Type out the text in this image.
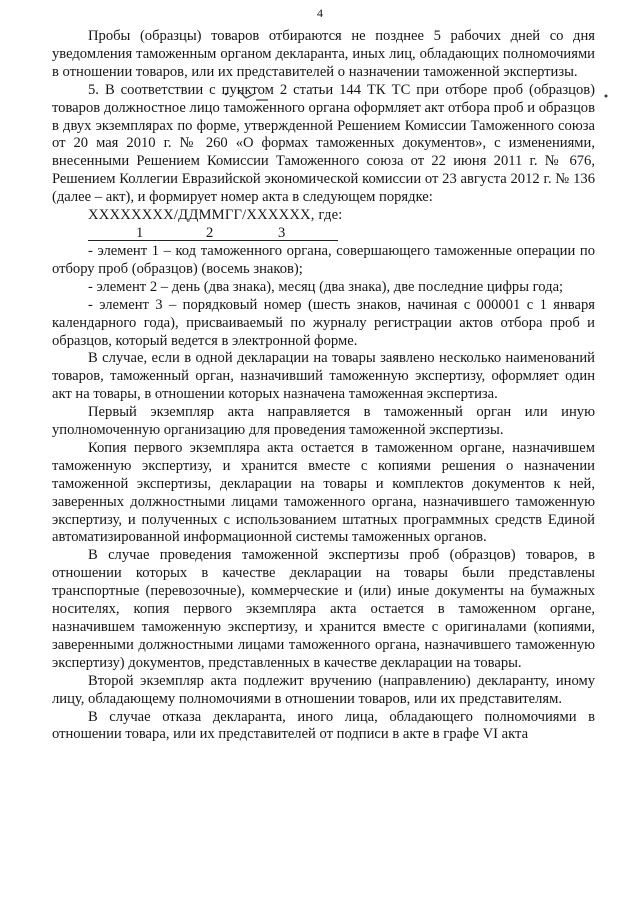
4

Пробы (образцы) товаров отбираются не позднее 5 рабочих дней со дня уведомления таможенным органом декларанта, иных лиц, обладающих полномочиями в отношении товаров, или их представителей о назначении таможенной экспертизы.

5. В соответствии с пунктом 2 статьи 144 ТК ТС при отборе проб (образцов) товаров должностное лицо таможенного органа оформляет акт отбора проб и образцов в двух экземплярах по форме, утвержденной Решением Комиссии Таможенного союза от 20 мая 2010 г. № 260 «О формах таможенных документов», с изменениями, внесенными Решением Комиссии Таможенного союза от 22 июня 2011 г. № 676, Решением Коллегии Евразийской экономической комиссии от 23 августа 2012 г. № 136 (далее – акт), и формирует номер акта в следующем порядке:

ХХХХХХХХ/ДДММГГ/ХХХХХХ, где:

1	2	3

- элемент 1 – код таможенного органа, совершающего таможенные операции по отбору проб (образцов) (восемь знаков);

- элемент 2 – день (два знака), месяц (два знака), две последние цифры года;

- элемент 3 – порядковый номер (шесть знаков, начиная с 000001 с 1 января календарного года), присваиваемый по журналу регистрации актов отбора проб и образцов, который ведется в электронной форме.

В случае, если в одной декларации на товары заявлено несколько наименований товаров, таможенный орган, назначивший таможенную экспертизу, оформляет один акт на товары, в отношении которых назначена таможенная экспертиза.

Первый экземпляр акта направляется в таможенный орган или иную уполномоченную организацию для проведения таможенной экспертизы.

Копия первого экземпляра акта остается в таможенном органе, назначившем таможенную экспертизу, и хранится вместе с копиями решения о назначении таможенной экспертизы, декларации на товары и комплектов документов к ней, заверенных должностными лицами таможенного органа, назначившего таможенную экспертизу, и полученных с использованием штатных программных средств Единой автоматизированной информационной системы таможенных органов.

В случае проведения таможенной экспертизы проб (образцов) товаров, в отношении которых в качестве декларации на товары были представлены транспортные (перевозочные), коммерческие и (или) иные документы на бумажных носителях, копия первого экземпляра акта остается в таможенном органе, назначившем таможенную экспертизу, и хранится вместе с оригиналами (копиями, заверенными должностными лицами таможенного органа, назначившего таможенную экспертизу) документов, представленных в качестве декларации на товары.

Второй экземпляр акта подлежит вручению (направлению) декларанту, иному лицу, обладающему полномочиями в отношении товаров, или их представителям.

В случае отказа декларанта, иного лица, обладающего полномочиями в отношении товара, или их представителей от подписи в акте в графе VI акта
